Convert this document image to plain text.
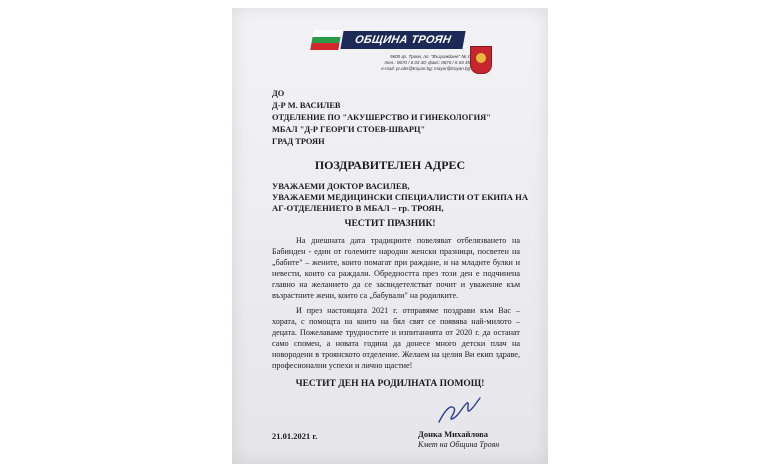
ОБЩИНА ТРОЯН
5600 гр. Троян, пл. "Възраждане" № 1
тел.: 0670 / 6 03 30; факс: 0670 / 6 03 45
e-mail: pr.obs@troyan.bg; mayor@troyan.bg
ДО
Д-Р М. ВАСИЛЕВ
ОТДЕЛЕНИЕ ПО "АКУШЕРСТВО И ГИНЕКОЛОГИЯ"
МБАЛ "Д-Р ГЕОРГИ СТОЕВ-ШВАРЦ"
ГРАД ТРОЯН
ПОЗДРАВИТЕЛЕН АДРЕС
УВАЖАЕМИ ДОКТОР ВАСИЛЕВ,
УВАЖАЕМИ МЕДИЦИНСКИ СПЕЦИАЛИСТИ ОТ ЕКИПА НА
АГ-ОТДЕЛЕНИЕТО В МБАЛ – гр. ТРОЯН,
ЧЕСТИТ ПРАЗНИК!
На днешната дата традициите повеляват отбелязването на Бабинден - един от големите народни женски празници, посветен на „бабите" – жените, които помагат при раждане, и на младите булки и невести, които са раждали. Обредността през този ден е подчинена главно на желанието да се засвидетелстват почит и уважение към възрастните жени, които са „бабували" на родилките.
И през настоящата 2021 г. отправяме поздрави към Вас – хората, с помощта на които на бял свят се появява най-милото – децата. Пожелаваме трудностите и изпитанията от 2020 г. да останат само спомен, а новата година да донесе много детски плач на новородени в троянското отделение. Желаем на целия Ви екип здраве, професионални успехи и лично щастие!
ЧЕСТИТ ДЕН НА РОДИЛНАТА ПОМОЩ!
21.01.2021 г.	Донка Михайлова
Кмет на Община Троян
